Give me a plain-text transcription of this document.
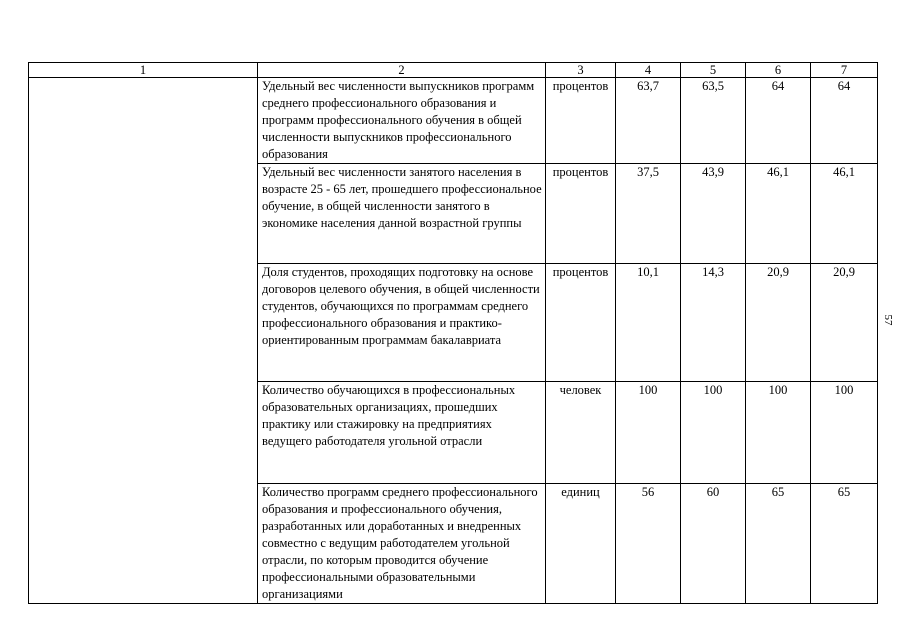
1	2	3	4	5	6	7
	Удельный вес численности выпускников программ среднего профессионального образования и программ профессионального обучения в общей численности выпускников профессионального образования	процентов	63,7	63,5	64	64
	Удельный вес численности занятого населения в возрасте 25 - 65 лет, прошедшего профессиональное обучение, в общей численности занятого в экономике населения данной возрастной группы	процентов	37,5	43,9	46,1	46,1
	Доля студентов, проходящих подготовку на основе договоров целевого обучения, в общей численности студентов, обучающихся по программам среднего профессионального образования и практико-ориентированным программам бакалавриата	процентов	10,1	14,3	20,9	20,9
	Количество обучающихся в профессиональных образовательных организациях, прошедших практику или стажировку на предприятиях ведущего работодателя угольной отрасли	человек	100	100	100	100
	Количество программ среднего профессионального образования и профессионального обучения, разработанных или доработанных и внедренных совместно с ведущим работодателем угольной отрасли, по которым проводится обучение профессиональными образовательными организациями	единиц	56	60	65	65
57
